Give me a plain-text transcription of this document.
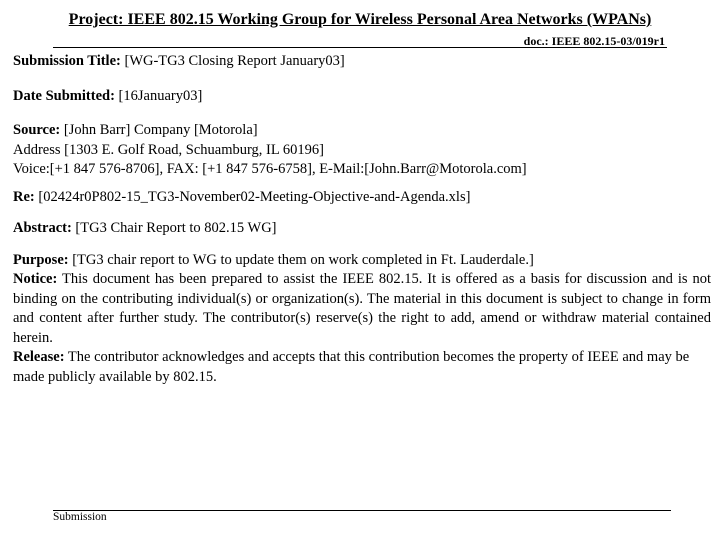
Project: IEEE 802.15 Working Group for Wireless Personal Area Networks (WPANs)
doc.: IEEE 802.15-03/019r1

Submission Title: [WG-TG3 Closing Report January03]

Date Submitted: [16January03]

Source: [John Barr] Company [Motorola]

Address [1303 E. Golf Road, Schuamburg, IL 60196]

Voice:[+1 847 576-8706], FAX: [+1 847 576-6758], E-Mail:[John.Barr@Motorola.com]

Re: [02424r0P802-15_TG3-November02-Meeting-Objective-and-Agenda.xls]

Abstract: [TG3 Chair Report to 802.15 WG]

Purpose: [TG3 chair report to WG to update them on work completed in Ft. Lauderdale.]

Notice: This document has been prepared to assist the IEEE 802.15. It is offered as a basis for discussion and is not binding on the contributing individual(s) or organization(s). The material in this document is subject to change in form and content after further study. The contributor(s) reserve(s) the right to add, amend or withdraw material contained herein.

Release: The contributor acknowledges and accepts that this contribution becomes the property of IEEE and may be made publicly available by 802.15.

Submission
